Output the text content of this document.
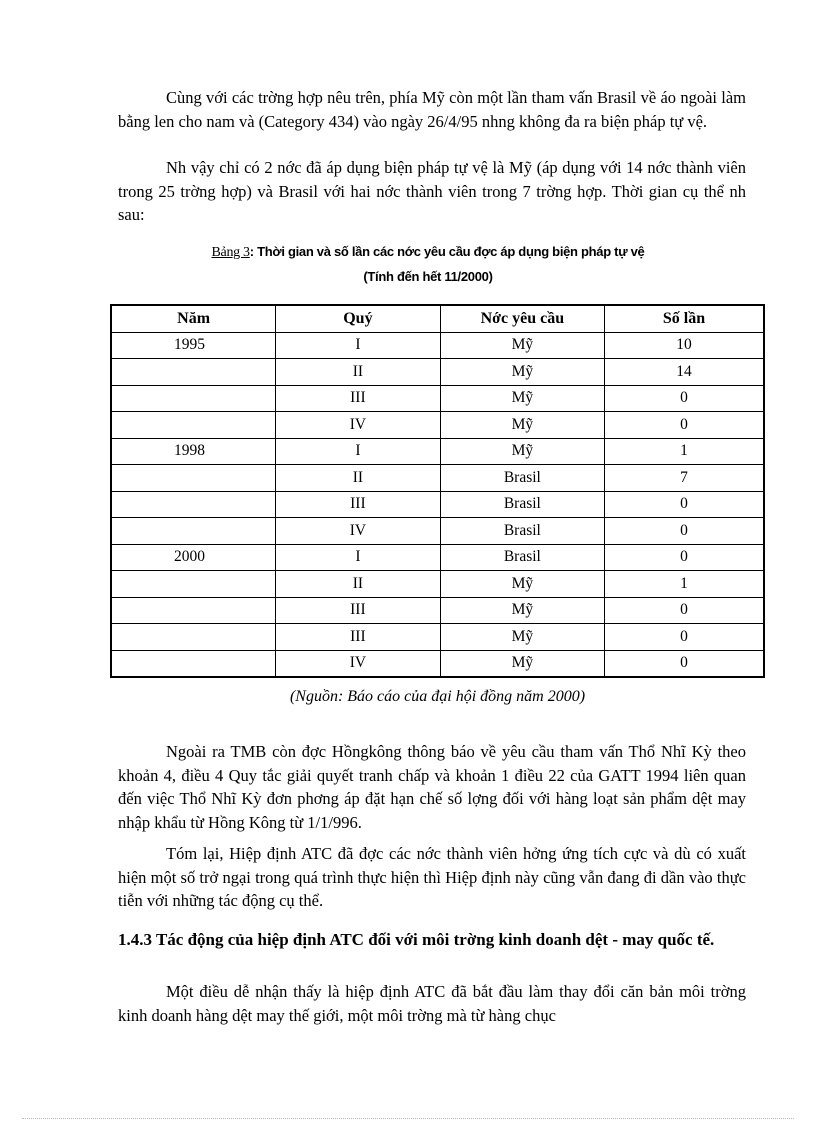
Cùng với các trờng hợp nêu trên, phía Mỹ còn một lần tham vấn Brasil về áo ngoài làm bằng len cho nam và (Category 434) vào ngày 26/4/95 nhng không đa ra biện pháp tự vệ.

Nh vậy chỉ có 2 nớc đã áp dụng biện pháp tự vệ là Mỹ (áp dụng với 14 nớc thành viên trong 25 trờng hợp) và Brasil với hai nớc thành viên trong 7 trờng hợp. Thời gian cụ thể nh sau:

Bảng 3: Thời gian và số lần các nớc yêu cầu đợc áp dụng biện pháp tự vệ
(Tính đến hết 11/2000)
Năm	Quý	Nớc yêu cầu	Số lần
1995	I	Mỹ	10
	II	Mỹ	14
	III	Mỹ	0
	IV	Mỹ	0
1998	I	Mỹ	1
	II	Brasil	7
	III	Brasil	0
	IV	Brasil	0
2000	I	Brasil	0
	II	Mỹ	1
	III	Mỹ	0
	III	Mỹ	0
	IV	Mỹ	0
(Nguồn: Báo cáo của đại hội đồng năm 2000)

Ngoài ra TMB còn đợc Hồngkông thông báo về yêu cầu tham vấn Thổ Nhĩ Kỳ theo khoản 4, điều 4 Quy tắc giải quyết tranh chấp và khoản 1 điều 22 của GATT 1994 liên quan đến việc Thổ Nhĩ Kỳ đơn phơng áp đặt hạn chế số lợng đối với hàng loạt sản phẩm dệt may nhập khẩu từ Hồng Kông từ 1/1/996.

Tóm lại, Hiệp định ATC đã đợc các nớc thành viên hởng ứng tích cực và dù có xuất hiện một số trở ngại trong quá trình thực hiện thì Hiệp định này cũng vẫn đang đi dần vào thực tiễn với những tác động cụ thể.

1.4.3 Tác động của hiệp định ATC đối với môi trờng kinh doanh dệt - may quốc tế.

Một điều dễ nhận thấy là hiệp định ATC đã bắt đầu làm thay đổi căn bản môi trờng kinh doanh hàng dệt may thế giới, một môi trờng mà từ hàng chục
